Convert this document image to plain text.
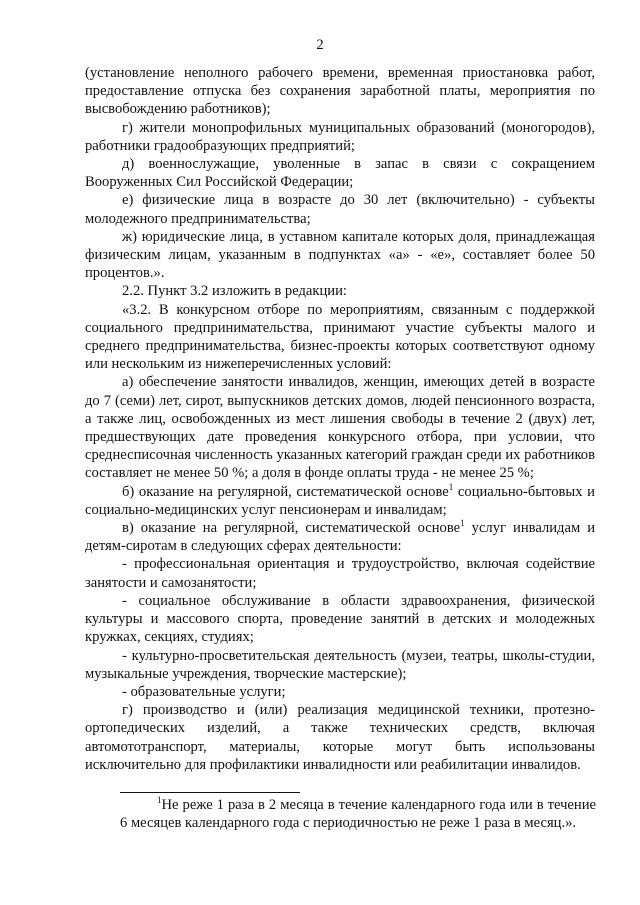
2

(установление неполного рабочего времени, временная приостановка работ, предоставление отпуска без сохранения заработной платы, мероприятия по высвобождению работников);

г) жители монопрофильных муниципальных образований (моногородов), работники градообразующих предприятий;

д) военнослужащие, уволенные в запас в связи с сокращением Вооруженных Сил Российской Федерации;

е) физические лица в возрасте до 30 лет (включительно) - субъекты молодежного предпринимательства;

ж) юридические лица, в уставном капитале которых доля, принадлежащая физическим лицам, указанным в подпунктах «а» - «е», составляет более 50 процентов.».

2.2. Пункт 3.2 изложить в редакции:

«3.2. В конкурсном отборе по мероприятиям, связанным с поддержкой социального предпринимательства, принимают участие субъекты малого и среднего предпринимательства, бизнес-проекты которых соответствуют одному или нескольким из нижеперечисленных условий:

а) обеспечение занятости инвалидов, женщин, имеющих детей в возрасте до 7 (семи) лет, сирот, выпускников детских домов, людей пенсионного возраста, а также лиц, освобожденных из мест лишения свободы в течение 2 (двух) лет, предшествующих дате проведения конкурсного отбора, при условии, что среднесписочная численность указанных категорий граждан среди их работников составляет не менее 50 %; а доля в фонде оплаты труда - не менее 25 %;

б) оказание на регулярной, систематической основе$^1$ социально-бытовых и социально-медицинских услуг пенсионерам и инвалидам;

в) оказание на регулярной, систематической основе$^1$ услуг инвалидам и детям-сиротам в следующих сферах деятельности:

- профессиональная ориентация и трудоустройство, включая содействие занятости и самозанятости;

- социальное обслуживание в области здравоохранения, физической культуры и массового спорта, проведение занятий в детских и молодежных кружках, секциях, студиях;

- культурно-просветительская деятельность (музеи, театры, школы-студии, музыкальные учреждения, творческие мастерские);

- образовательные услуги;

г) производство и (или) реализация медицинской техники, протезно-ортопедических изделий, а также технических средств, включая автомототранспорт, материалы, которые могут быть использованы исключительно для профилактики инвалидности или реабилитации инвалидов.

$^1$Не реже 1 раза в 2 месяца в течение календарного года или в течение 6 месяцев календарного года с периодичностью не реже 1 раза в месяц.».
